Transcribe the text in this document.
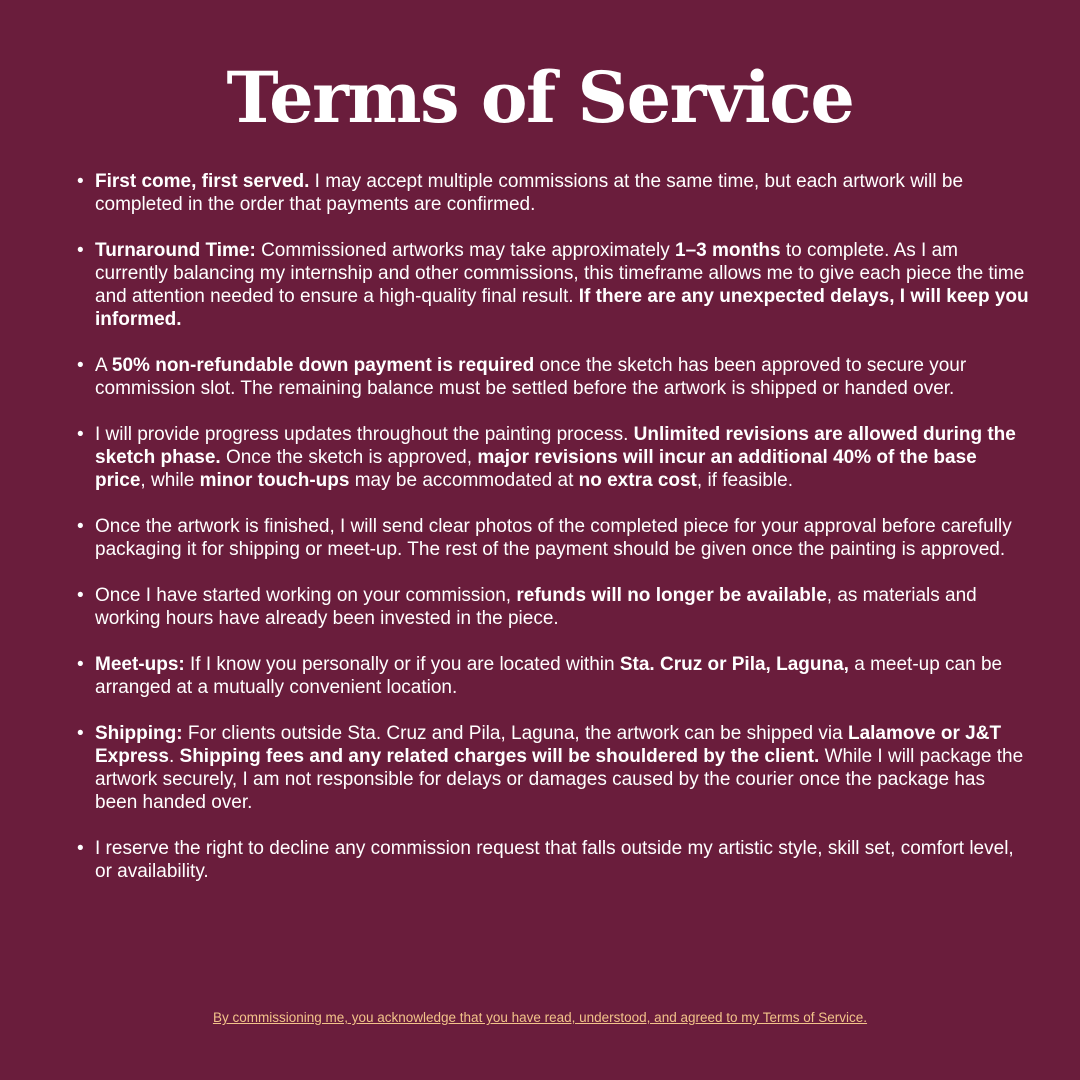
Terms of Service
• First come, first served. I may accept multiple commissions at the same time, but each artwork will be completed in the order that payments are confirmed.
• Turnaround Time: Commissioned artworks may take approximately 1–3 months to complete. As I am currently balancing my internship and other commissions, this timeframe allows me to give each piece the time and attention needed to ensure a high-quality final result. If there are any unexpected delays, I will keep you informed.
• A 50% non-refundable down payment is required once the sketch has been approved to secure your commission slot. The remaining balance must be settled before the artwork is shipped or handed over.
• I will provide progress updates throughout the painting process. Unlimited revisions are allowed during the sketch phase. Once the sketch is approved, major revisions will incur an additional 40% of the base price, while minor touch-ups may be accommodated at no extra cost, if feasible.
• Once the artwork is finished, I will send clear photos of the completed piece for your approval before carefully packaging it for shipping or meet-up. The rest of the payment should be given once the painting is approved.
• Once I have started working on your commission, refunds will no longer be available, as materials and working hours have already been invested in the piece.
• Meet-ups: If I know you personally or if you are located within Sta. Cruz or Pila, Laguna, a meet-up can be arranged at a mutually convenient location.
• Shipping: For clients outside Sta. Cruz and Pila, Laguna, the artwork can be shipped via Lalamove or J&T Express. Shipping fees and any related charges will be shouldered by the client. While I will package the artwork securely, I am not responsible for delays or damages caused by the courier once the package has been handed over.
• I reserve the right to decline any commission request that falls outside my artistic style, skill set, comfort level, or availability.

By commissioning me, you acknowledge that you have read, understood, and agreed to my Terms of Service.
